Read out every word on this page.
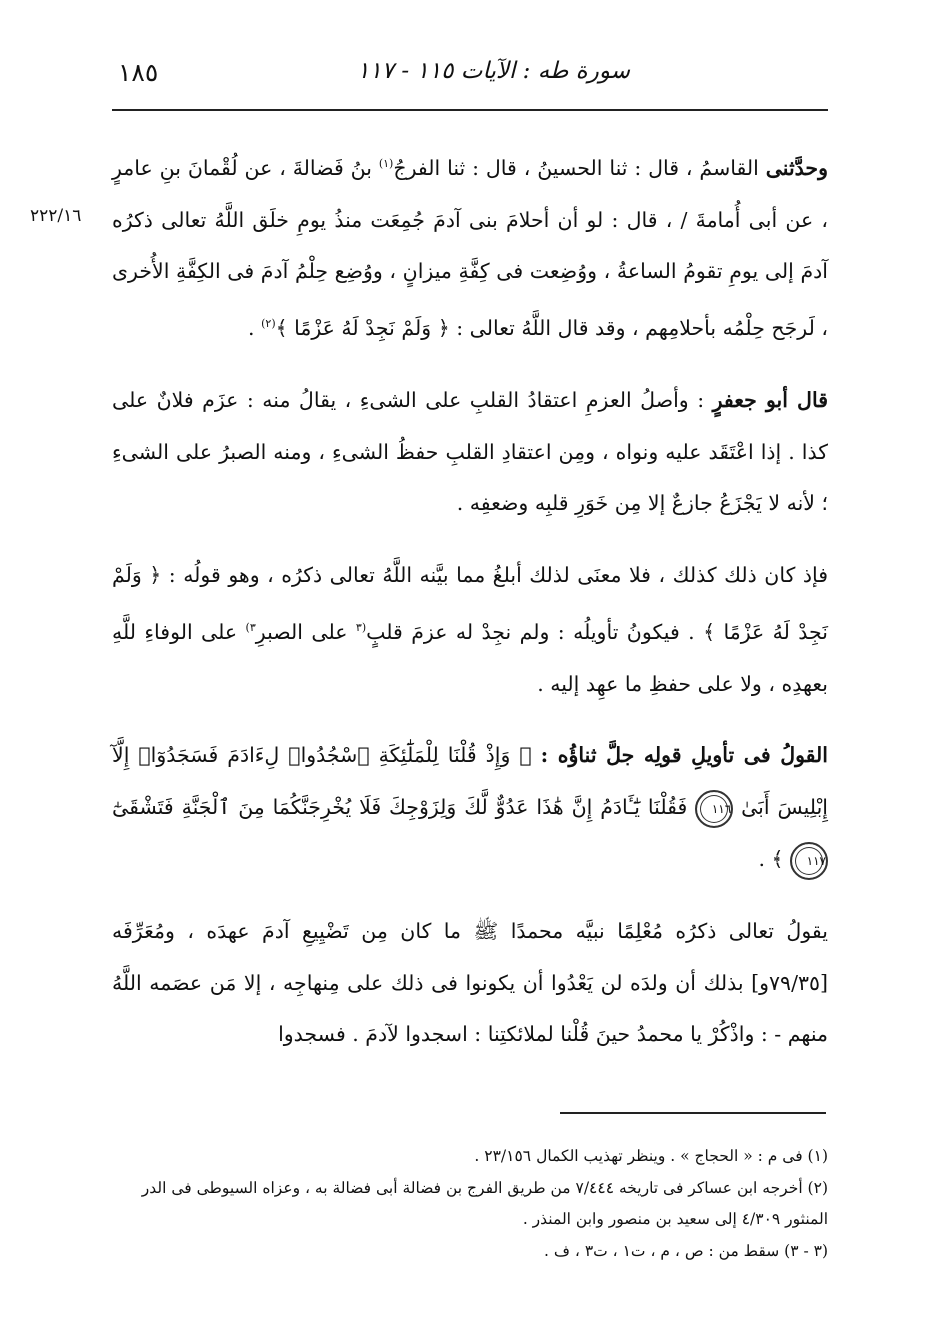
١٨٥	سورة طه : الآيات ١١٥ - ١١٧
٢٢٢/١٦

وحدَّثنى القاسمُ ، قال : ثنا الحسينُ ، قال : ثنا الفرجُ$^{(١)}$ بنُ فَضالةَ ، عن لُقْمانَ بنِ عامرٍ ، عن أبى أُمامةَ / ، قال : لو أن أحلامَ بنى آدمَ جُمِعَت منذُ يومِ خلَق اللَّهُ تعالى ذكرُه آدمَ إلى يومِ تقومُ الساعةُ ، ووُضِعت فى كِفَّةِ ميزانٍ ، ووُضِع حِلْمُ آدمَ فى الكِفَّةِ الأُخرى ، لَرجَح حِلْمُه بأحلامِهم ، وقد قال اللَّهُ تعالى : ﴿ وَلَمْ نَجِدْ لَهُ عَزْمًا ﴾$^{(٢)}$ .

قال أبو جعفرٍ : وأصلُ العزمِ اعتقادُ القلبِ على الشىءِ ، يقالُ منه : عزَم فلانٌ على كذا . إذا اعْتَقَد عليه ونواه ، ومِن اعتقادِ القلبِ حفظُ الشىءِ ، ومنه الصبرُ على الشىءِ ؛ لأنه لا يَجْزَعُ جازعٌ إلا مِن خَوَرِ قلبِه وضعفِه .

فإذ كان ذلك كذلك ، فلا معنَى لذلك أبلغُ مما بيَّنه اللَّهُ تعالى ذكرُه ، وهو قولُه : ﴿ وَلَمْ نَجِدْ لَهُ عَزْمًا ﴾ . فيكونُ تأويلُه : ولم نجِدْ له عزمَ قلبٍ$^{(٣}$ على الصبرِ$^{٣)}$ على الوفاءِ للَّهِ بعهدِه ، ولا على حفظِ ما عهِد إليه .

القولُ فى تأويلِ قولِه جلَّ ثناؤُه : ﴿ وَإِذْ قُلْنَا لِلْمَلَٰٓئِكَةِ ٱسْجُدُوا۟ لِءَادَمَ فَسَجَدُوٓا۟ إِلَّآ إِبْلِيسَ أَبَىٰ ١١٦ فَقُلْنَا يَٰٓـَٔادَمُ إِنَّ هَٰذَا عَدُوٌّ لَّكَ وَلِزَوْجِكَ فَلَا يُخْرِجَنَّكُمَا مِنَ ٱلْجَنَّةِ فَتَشْقَىٰٓ ١١٧ ﴾ .

يقولُ تعالى ذكرُه مُعْلِمًا نبيَّه محمدًا ﷺ ما كان مِن تَضْيِيعِ آدمَ عهدَه ، ومُعَرِّفَه [٧٩/٣٥و] بذلك أن ولدَه لن يَعْدُوا أن يكونوا فى ذلك على مِنهاجِه ، إلا مَن عصَمه اللَّهُ منهم - : واذْكُرْ يا محمدُ حينَ قُلْنا لملائكتِنا : اسجدوا لآدمَ . فسجدوا

(١) فى م : « الحجاج » . وينظر تهذيب الكمال ٢٣/١٥٦ .

(٢) أخرجه ابن عساكر فى تاريخه ٧/٤٤٤ من طريق الفرج بن فضالة أبى فضالة به ، وعزاه السيوطى فى الدر المنثور ٤/٣٠٩ إلى سعيد بن منصور وابن المنذر .

(٣ - ٣) سقط من : ص ، م ، ت١ ، ت٣ ، ف .
